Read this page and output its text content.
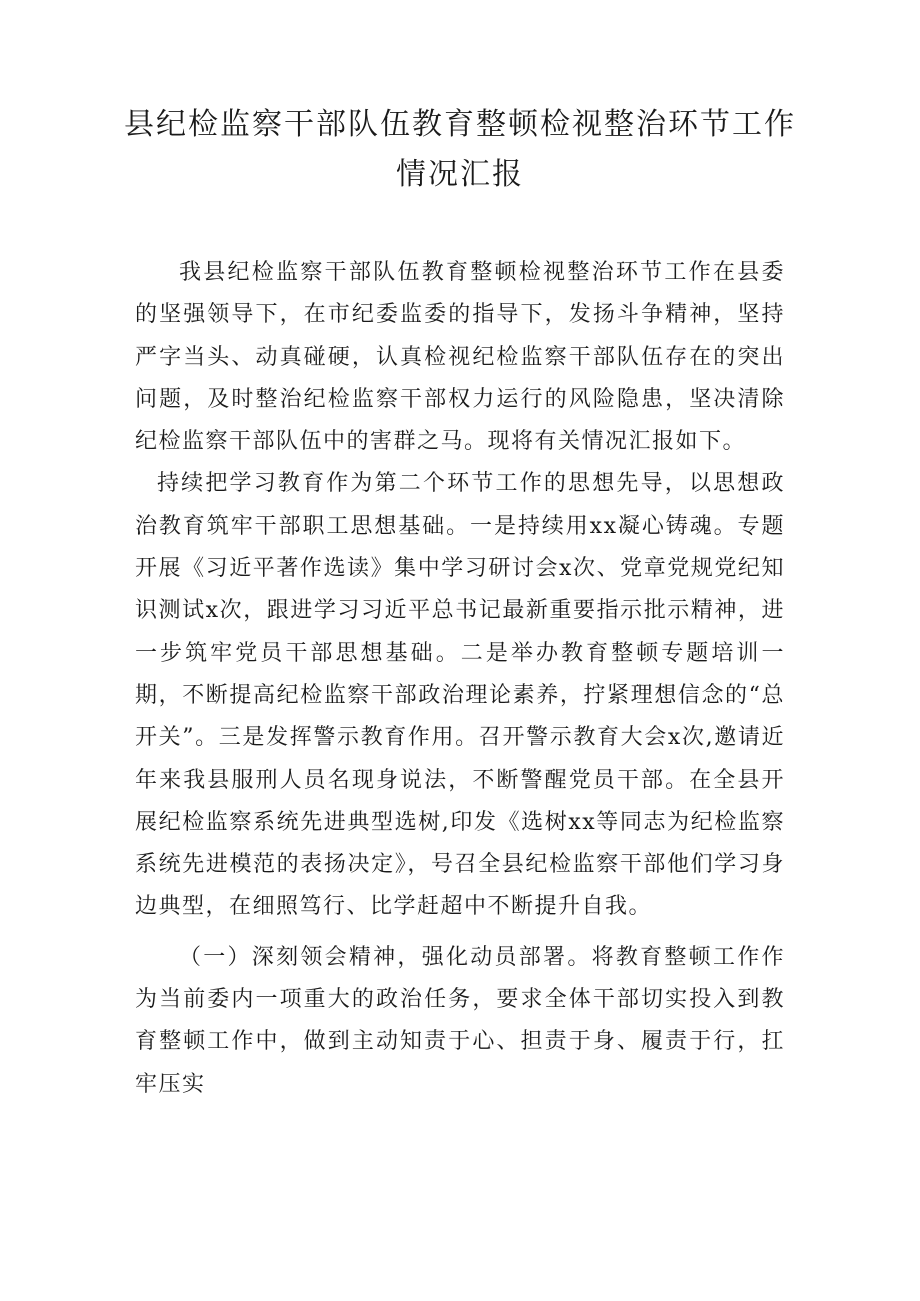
县纪检监察干部队伍教育整顿检视整治环节工作情况汇报

我县纪检监察干部队伍教育整顿检视整治环节工作在县委的坚强领导下，在市纪委监委的指导下，发扬斗争精神，坚持严字当头、动真碰硬，认真检视纪检监察干部队伍存在的突出问题，及时整治纪检监察干部权力运行的风险隐患，坚决清除纪检监察干部队伍中的害群之马。现将有关情况汇报如下。

持续把学习教育作为第二个环节工作的思想先导，以思想政治教育筑牢干部职工思想基础。一是持续用xx凝心铸魂。专题开展《习近平著作选读》集中学习研讨会x次、党章党规党纪知识测试x次，跟进学习习近平总书记最新重要指示批示精神，进一步筑牢党员干部思想基础。二是举办教育整顿专题培训一期，不断提高纪检监察干部政治理论素养，拧紧理想信念的“总开关”。三是发挥警示教育作用。召开警示教育大会x次,邀请近年来我县服刑人员名现身说法，不断警醒党员干部。在全县开展纪检监察系统先进典型选树,印发《选树xx等同志为纪检监察系统先进模范的表扬决定》，号召全县纪检监察干部他们学习身边典型，在细照笃行、比学赶超中不断提升自我。

（一）深刻领会精神，强化动员部署。将教育整顿工作作为当前委内一项重大的政治任务，要求全体干部切实投入到教育整顿工作中，做到主动知责于心、担责于身、履责于行，扛牢压实
